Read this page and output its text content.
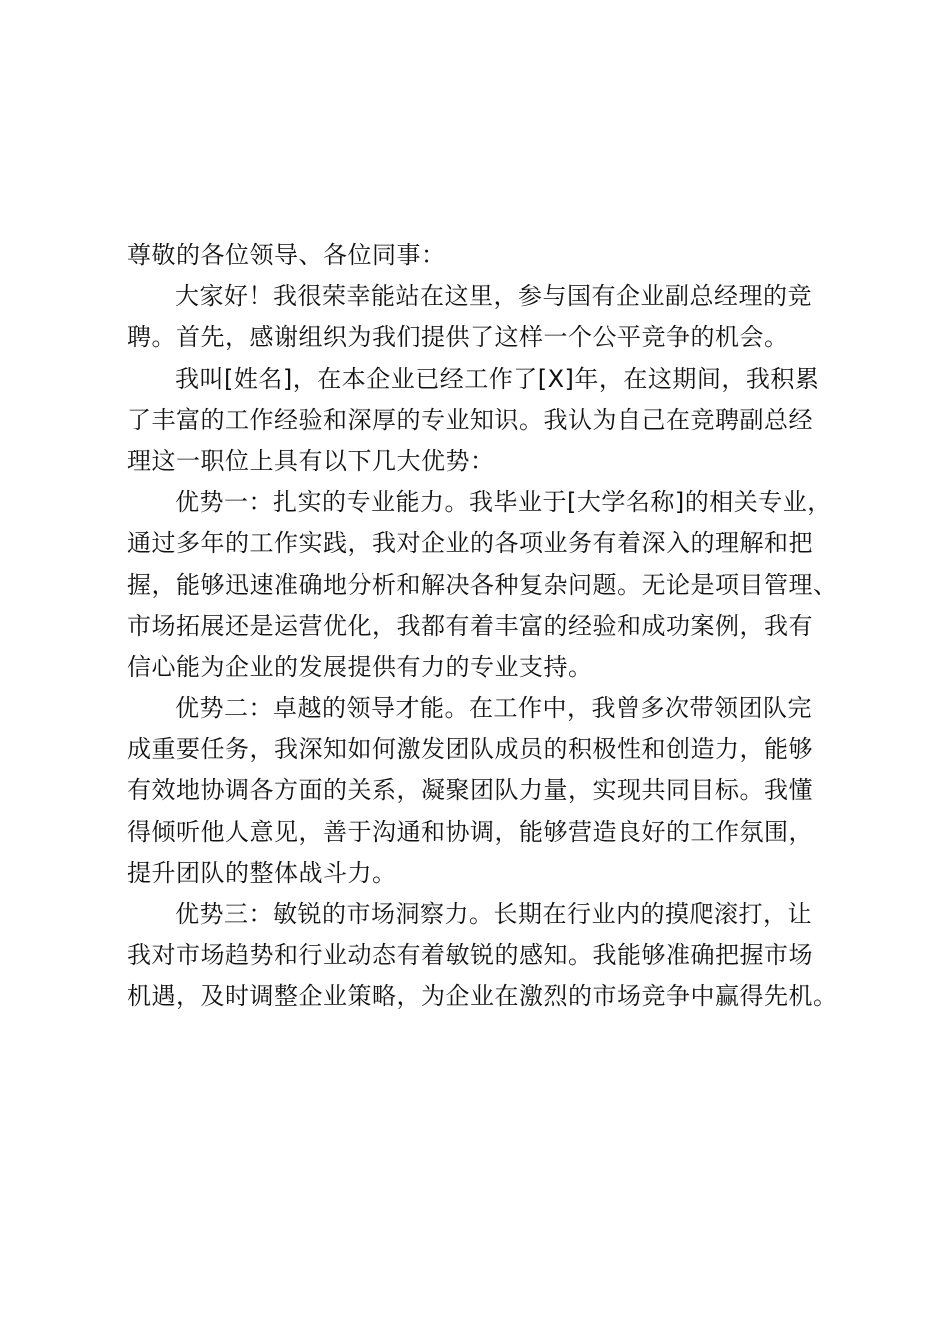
尊敬的各位领导、各位同事：
大家好！我很荣幸能站在这里，参与国有企业副总经理的竞
聘。首先，感谢组织为我们提供了这样一个公平竞争的机会。
我叫[姓名]，在本企业已经工作了[X]年，在这期间，我积累
了丰富的工作经验和深厚的专业知识。我认为自己在竞聘副总经
理这一职位上具有以下几大优势：
优势一：扎实的专业能力。我毕业于[大学名称]的相关专业，
通过多年的工作实践，我对企业的各项业务有着深入的理解和把
握，能够迅速准确地分析和解决各种复杂问题。无论是项目管理、
市场拓展还是运营优化，我都有着丰富的经验和成功案例，我有
信心能为企业的发展提供有力的专业支持。
优势二：卓越的领导才能。在工作中，我曾多次带领团队完
成重要任务，我深知如何激发团队成员的积极性和创造力，能够
有效地协调各方面的关系，凝聚团队力量，实现共同目标。我懂
得倾听他人意见，善于沟通和协调，能够营造良好的工作氛围，
提升团队的整体战斗力。
优势三：敏锐的市场洞察力。长期在行业内的摸爬滚打，让
我对市场趋势和行业动态有着敏锐的感知。我能够准确把握市场
机遇，及时调整企业策略，为企业在激烈的市场竞争中赢得先机。
